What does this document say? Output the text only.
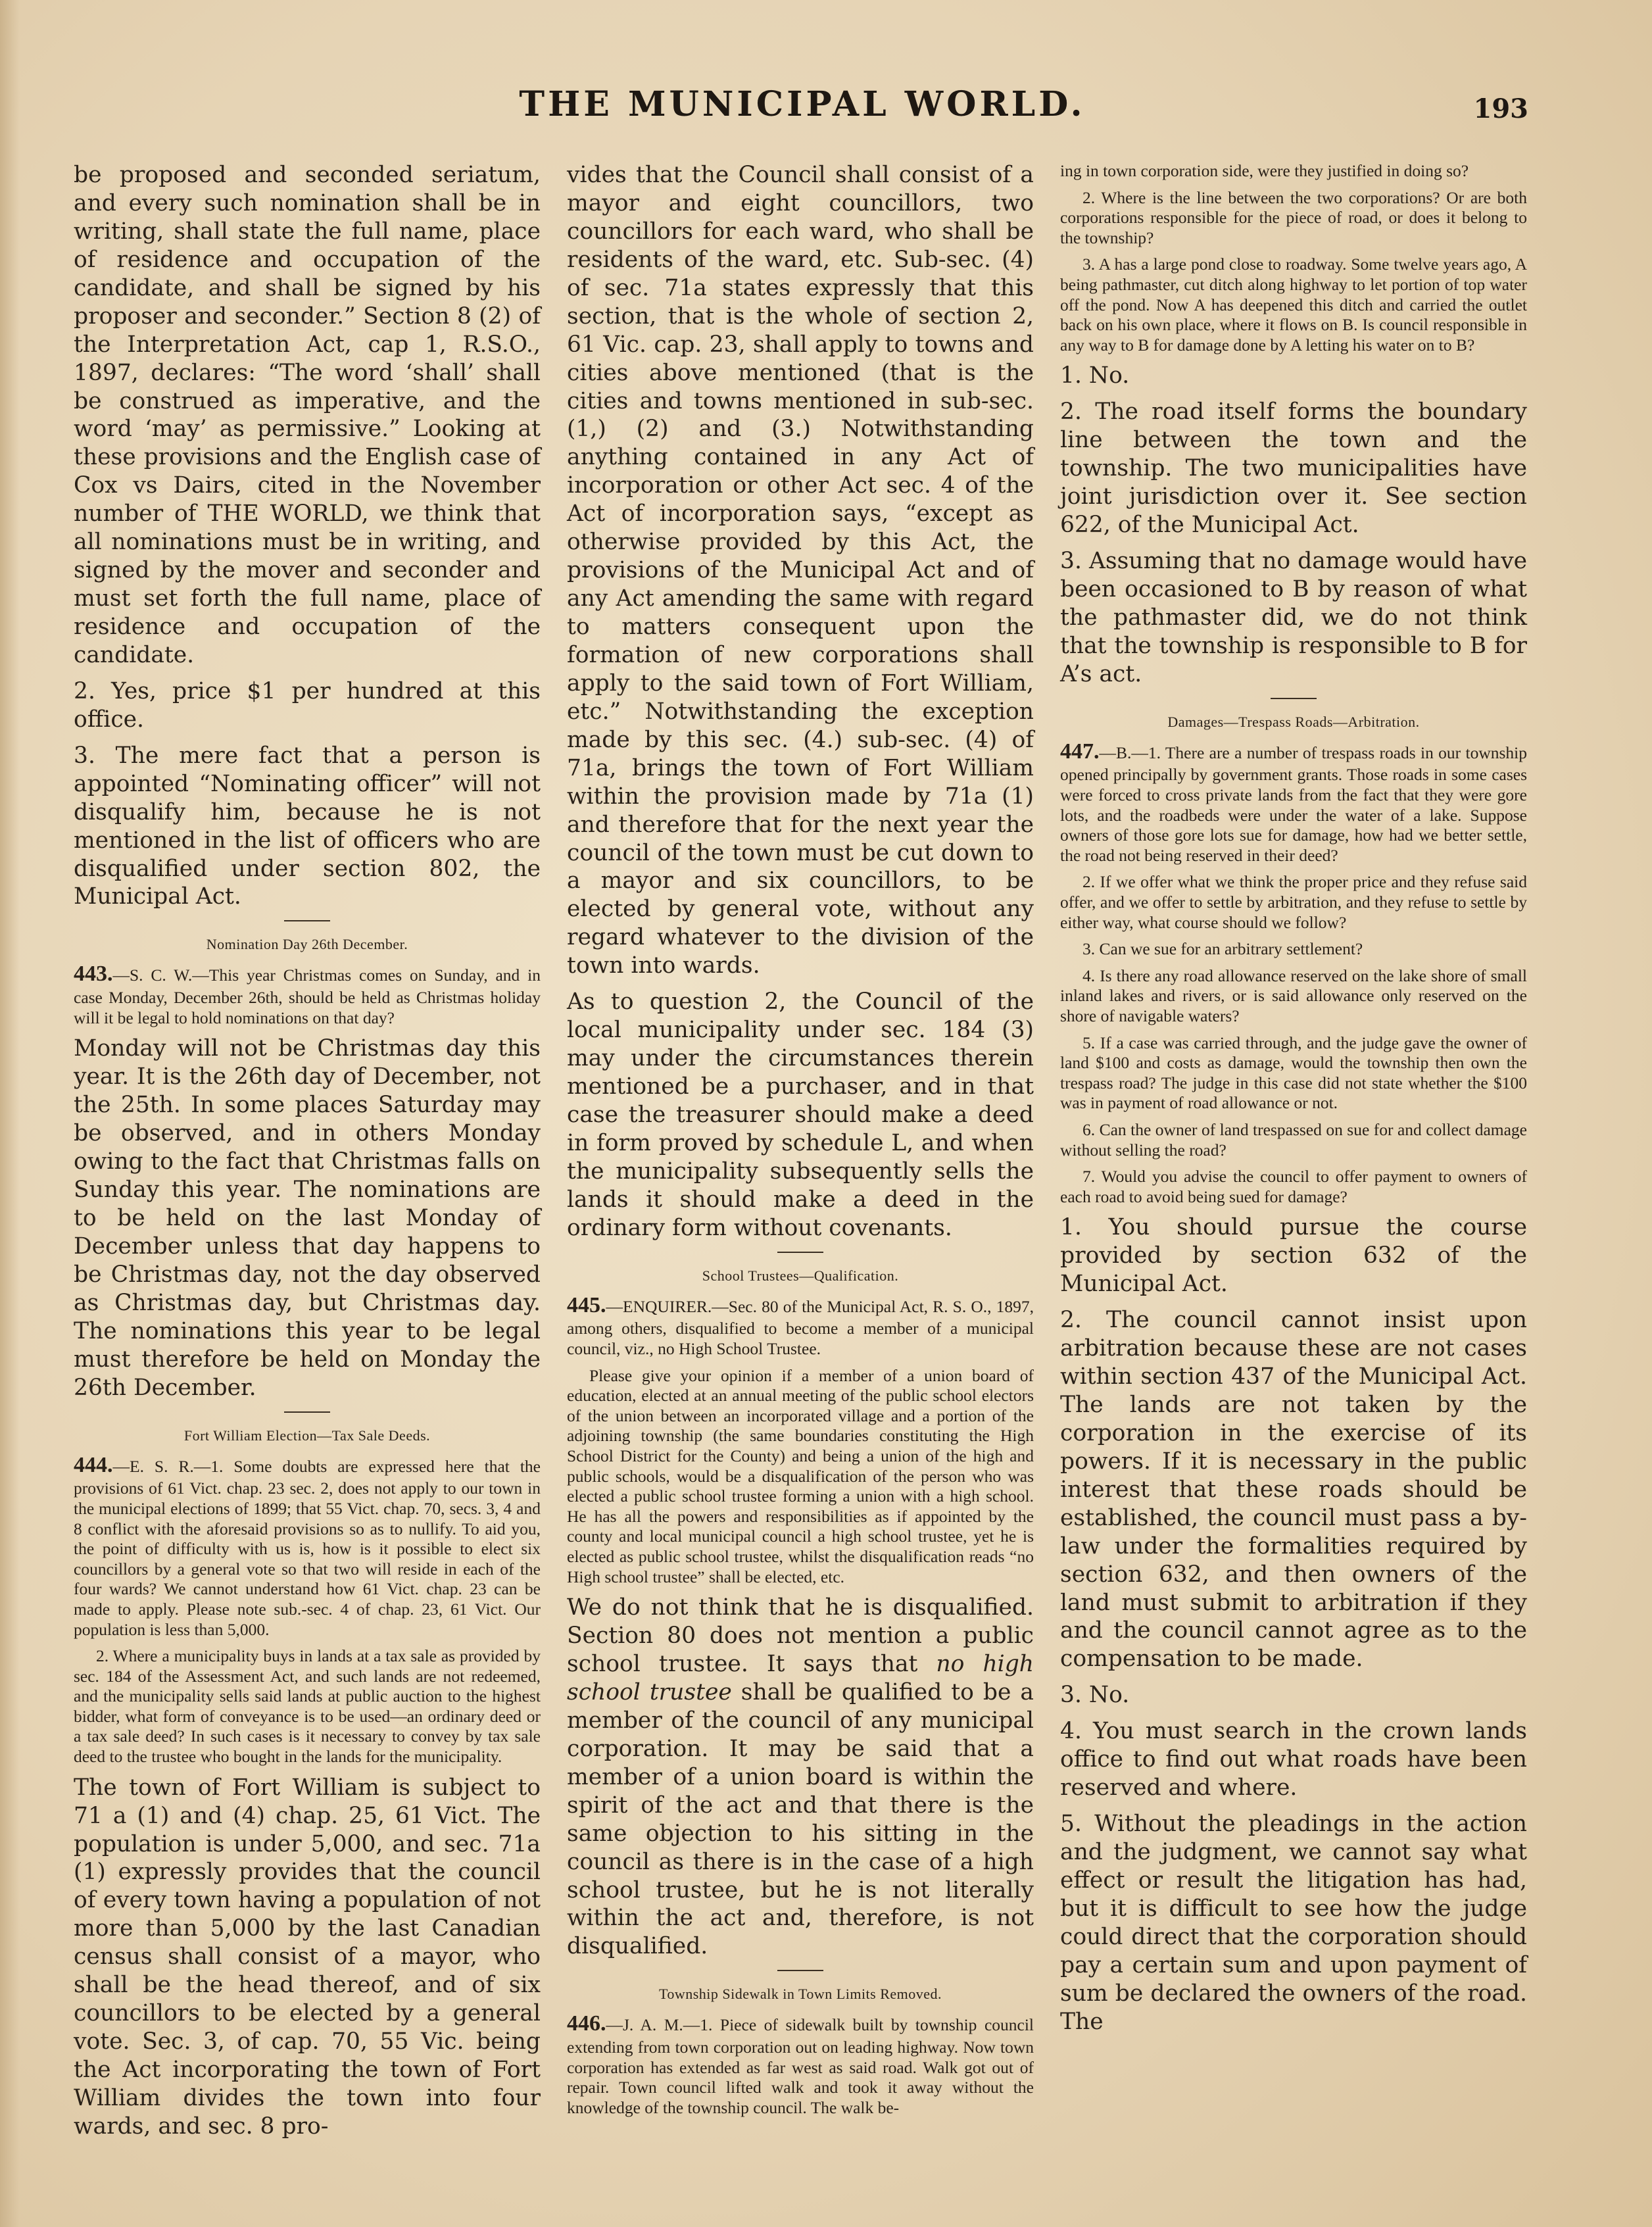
THE MUNICIPAL WORLD.	193

be proposed and seconded seriatum, and every such nomination shall be in writing, shall state the full name, place of residence and occupation of the candidate, and shall be signed by his proposer and seconder.” Section 8 (2) of the Interpretation Act, cap 1, R.S.O., 1897, declares: “The word ‘shall’ shall be construed as imperative, and the word ‘may’ as permissive.” Looking at these provisions and the English case of Cox vs Dairs, cited in the November number of THE WORLD, we think that all nominations must be in writing, and signed by the mover and seconder and must set forth the full name, place of residence and occupation of the candidate.

2. Yes, price $1 per hundred at this office.

3. The mere fact that a person is appointed “Nominating officer” will not disqualify him, because he is not mentioned in the list of officers who are disqualified under section 802, the Municipal Act.

Nomination Day 26th December.

443.—S. C. W.—This year Christmas comes on Sunday, and in case Monday, December 26th, should be held as Christmas holiday will it be legal to hold nominations on that day?

Monday will not be Christmas day this year. It is the 26th day of December, not the 25th. In some places Saturday may be observed, and in others Monday owing to the fact that Christmas falls on Sunday this year. The nominations are to be held on the last Monday of December unless that day happens to be Christmas day, not the day observed as Christmas day, but Christmas day. The nominations this year to be legal must therefore be held on Monday the 26th December.

Fort William Election—Tax Sale Deeds.

444.—E. S. R.—1. Some doubts are expressed here that the provisions of 61 Vict. chap. 23 sec. 2, does not apply to our town in the municipal elections of 1899; that 55 Vict. chap. 70, secs. 3, 4 and 8 conflict with the aforesaid provisions so as to nullify. To aid you, the point of difficulty with us is, how is it possible to elect six councillors by a general vote so that two will reside in each of the four wards? We cannot understand how 61 Vict. chap. 23 can be made to apply. Please note sub.-sec. 4 of chap. 23, 61 Vict. Our population is less than 5,000.

2. Where a municipality buys in lands at a tax sale as provided by sec. 184 of the Assessment Act, and such lands are not redeemed, and the municipality sells said lands at public auction to the highest bidder, what form of conveyance is to be used—an ordinary deed or a tax sale deed? In such cases is it necessary to convey by tax sale deed to the trustee who bought in the lands for the municipality.

The town of Fort William is subject to 71 a (1) and (4) chap. 25, 61 Vict. The population is under 5,000, and sec. 71a (1) expressly provides that the council of every town having a population of not more than 5,000 by the last Canadian census shall consist of a mayor, who shall be the head thereof, and of six councillors to be elected by a general vote. Sec. 3, of cap. 70, 55 Vic. being the Act incorporating the town of Fort William divides the town into four wards, and sec. 8 pro-

vides that the Council shall consist of a mayor and eight councillors, two councillors for each ward, who shall be residents of the ward, etc. Sub-sec. (4) of sec. 71a states expressly that this section, that is the whole of section 2, 61 Vic. cap. 23, shall apply to towns and cities above mentioned (that is the cities and towns mentioned in sub-sec. (1,) (2) and (3.) Notwithstanding anything contained in any Act of incorporation or other Act sec. 4 of the Act of incorporation says, “except as otherwise provided by this Act, the provisions of the Municipal Act and of any Act amending the same with regard to matters consequent upon the formation of new corporations shall apply to the said town of Fort William, etc.” Notwithstanding the exception made by this sec. (4.) sub-sec. (4) of 71a, brings the town of Fort William within the provision made by 71a (1) and therefore that for the next year the council of the town must be cut down to a mayor and six councillors, to be elected by general vote, without any regard whatever to the division of the town into wards.

As to question 2, the Council of the local municipality under sec. 184 (3) may under the circumstances therein mentioned be a purchaser, and in that case the treasurer should make a deed in form proved by schedule L, and when the municipality subsequently sells the lands it should make a deed in the ordinary form without covenants.

School Trustees—Qualification.

445.—ENQUIRER.—Sec. 80 of the Municipal Act, R. S. O., 1897, among others, disqualified to become a member of a municipal council, viz., no High School Trustee.

Please give your opinion if a member of a union board of education, elected at an annual meeting of the public school electors of the union between an incorporated village and a portion of the adjoining township (the same boundaries constituting the High School District for the County) and being a union of the high and public schools, would be a disqualification of the person who was elected a public school trustee forming a union with a high school. He has all the powers and responsibilities as if appointed by the county and local municipal council a high school trustee, yet he is elected as public school trustee, whilst the disqualification reads “no High school trustee” shall be elected, etc.

We do not think that he is disqualified. Section 80 does not mention a public school trustee. It says that no high school trustee shall be qualified to be a member of the council of any municipal corporation. It may be said that a member of a union board is within the spirit of the act and that there is the same objection to his sitting in the council as there is in the case of a high school trustee, but he is not literally within the act and, therefore, is not disqualified.

Township Sidewalk in Town Limits Removed.

446.—J. A. M.—1. Piece of sidewalk built by township council extending from town corporation out on leading highway. Now town corporation has extended as far west as said road. Walk got out of repair. Town council lifted walk and took it away without the knowledge of the township council. The walk be-

ing in town corporation side, were they justified in doing so?

2. Where is the line between the two corporations? Or are both corporations responsible for the piece of road, or does it belong to the township?

3. A has a large pond close to roadway. Some twelve years ago, A being pathmaster, cut ditch along highway to let portion of top water off the pond. Now A has deepened this ditch and carried the outlet back on his own place, where it flows on B. Is council responsible in any way to B for damage done by A letting his water on to B?

1. No.

2. The road itself forms the boundary line between the town and the township. The two municipalities have joint jurisdiction over it. See section 622, of the Municipal Act.

3. Assuming that no damage would have been occasioned to B by reason of what the pathmaster did, we do not think that the township is responsible to B for A’s act.

Damages—Trespass Roads—Arbitration.

447.—B.—1. There are a number of trespass roads in our township opened principally by government grants. Those roads in some cases were forced to cross private lands from the fact that they were gore lots, and the roadbeds were under the water of a lake. Suppose owners of those gore lots sue for damage, how had we better settle, the road not being reserved in their deed?

2. If we offer what we think the proper price and they refuse said offer, and we offer to settle by arbitration, and they refuse to settle by either way, what course should we follow?

3. Can we sue for an arbitrary settlement?

4. Is there any road allowance reserved on the lake shore of small inland lakes and rivers, or is said allowance only reserved on the shore of navigable waters?

5. If a case was carried through, and the judge gave the owner of land $100 and costs as damage, would the township then own the trespass road? The judge in this case did not state whether the $100 was in payment of road allowance or not.

6. Can the owner of land trespassed on sue for and collect damage without selling the road?

7. Would you advise the council to offer payment to owners of each road to avoid being sued for damage?

1. You should pursue the course provided by section 632 of the Municipal Act.

2. The council cannot insist upon arbitration because these are not cases within section 437 of the Municipal Act. The lands are not taken by the corporation in the exercise of its powers. If it is necessary in the public interest that these roads should be established, the council must pass a by-law under the formalities required by section 632, and then owners of the land must submit to arbitration if they and the council cannot agree as to the compensation to be made.

3. No.

4. You must search in the crown lands office to find out what roads have been reserved and where.

5. Without the pleadings in the action and the judgment, we cannot say what effect or result the litigation has had, but it is difficult to see how the judge could direct that the corporation should pay a certain sum and upon payment of sum be declared the owners of the road. The
